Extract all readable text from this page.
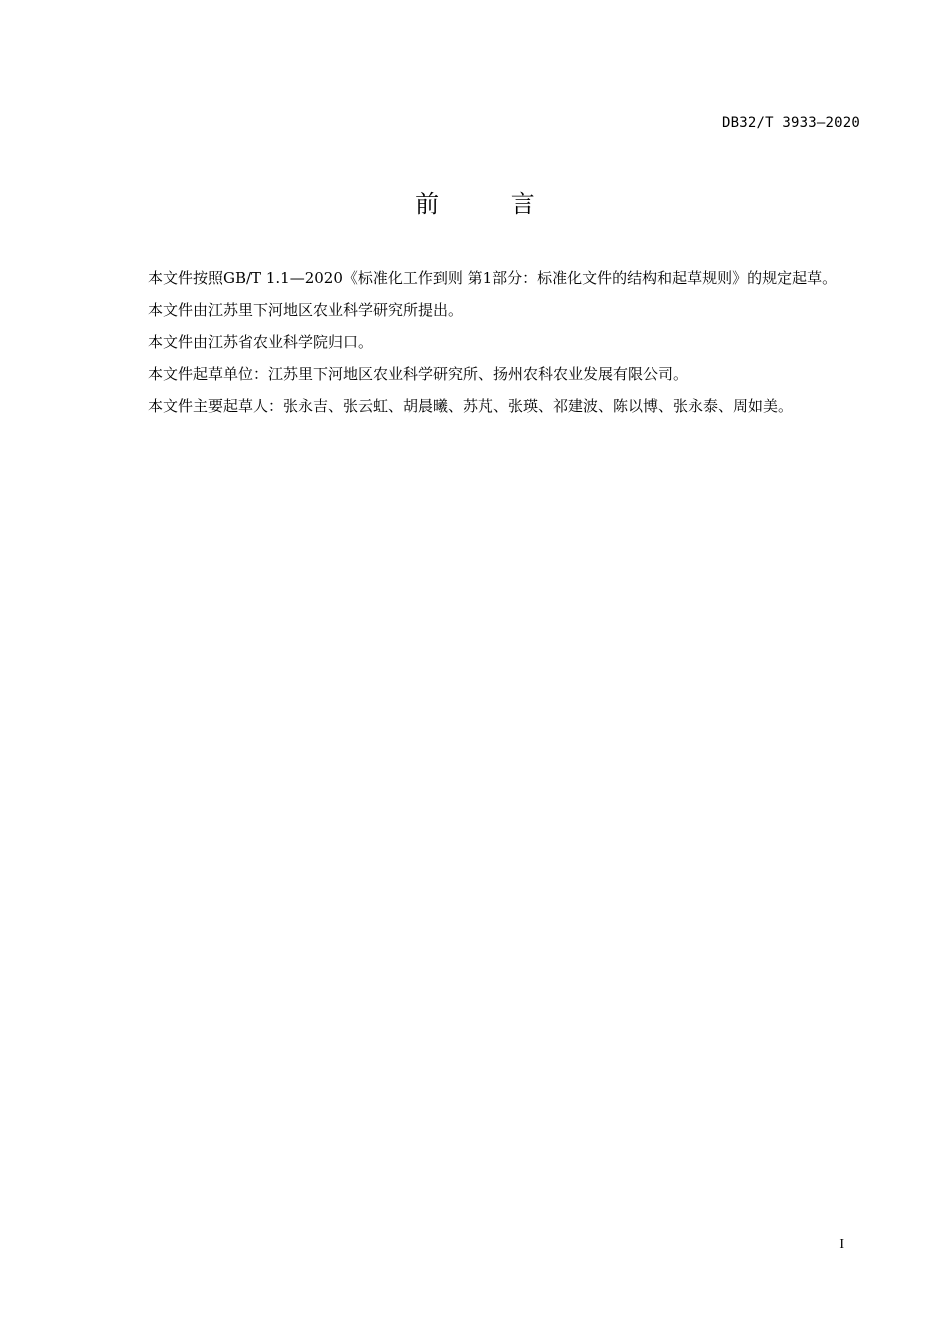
DB32/T 3933—2020
前 言

本文件按照GB/T 1.1—2020《标准化工作到则 第1部分：标准化文件的结构和起草规则》的规定起草。

本文件由江苏里下河地区农业科学研究所提出。

本文件由江苏省农业科学院归口。

本文件起草单位：江苏里下河地区农业科学研究所、扬州农科农业发展有限公司。

本文件主要起草人：张永吉、张云虹、胡晨曦、苏芃、张瑛、祁建波、陈以博、张永泰、周如美。

I
